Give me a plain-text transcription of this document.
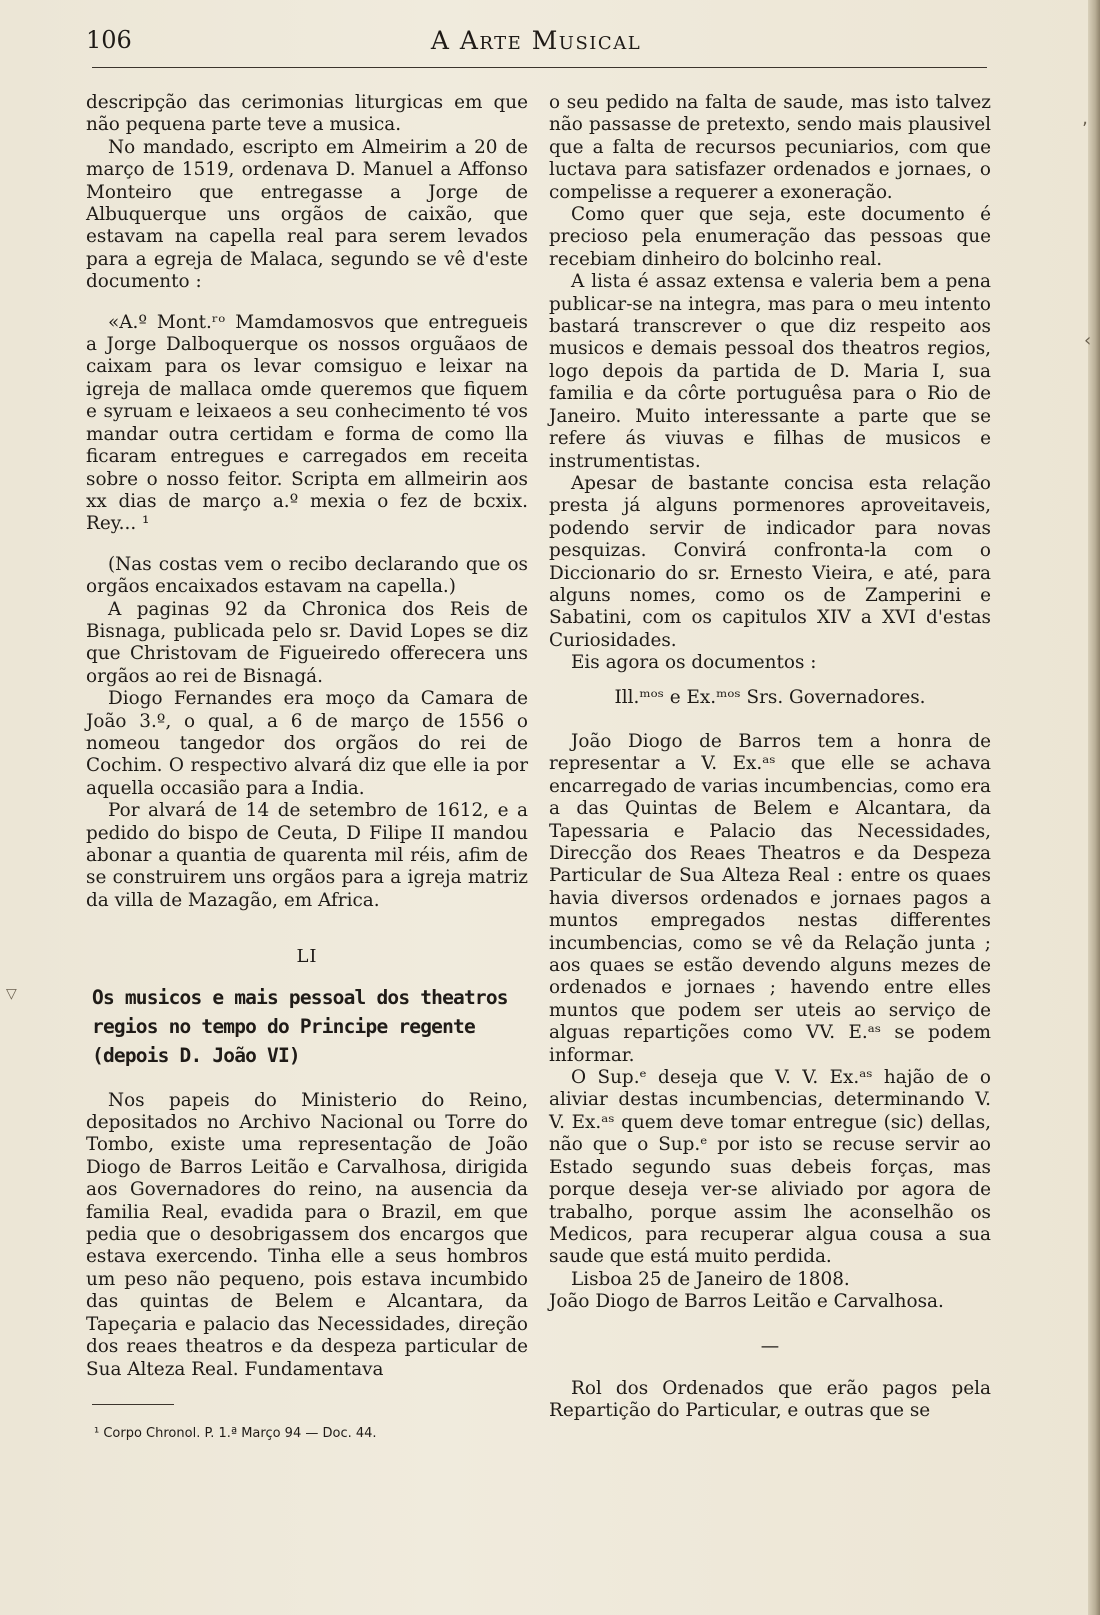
106	A Arte Musical

descripção das cerimonias liturgicas em que não pequena parte teve a musica.

No mandado, escripto em Almeirim a 20 de março de 1519, ordenava D. Manuel a Affonso Monteiro que entregasse a Jorge de Albuquerque uns orgãos de caixão, que estavam na capella real para serem levados para a egreja de Malaca, segundo se vê d'este documento :

«A.º Mont.ʳᵒ Mamdamosvos que entregueis a Jorge Dalboquerque os nossos orguãaos de caixam para os levar comsiguo e leixar na igreja de mallaca omde queremos que fiquem e syruam e leixaeos a seu conhecimento té vos mandar outra certidam e forma de como lla ficaram entregues e carregados em receita sobre o nosso feitor. Scripta em allmeirin aos xx dias de março a.º mexia o fez de bcxix. Rey... ¹

(Nas costas vem o recibo declarando que os orgãos encaixados estavam na capella.)

A paginas 92 da Chronica dos Reis de Bisnaga, publicada pelo sr. David Lopes se diz que Christovam de Figueiredo offerecera uns orgãos ao rei de Bisnagá.

Diogo Fernandes era moço da Camara de João 3.º, o qual, a 6 de março de 1556 o nomeou tangedor dos orgãos do rei de Cochim. O respectivo alvará diz que elle ia por aquella occasião para a India.

Por alvará de 14 de setembro de 1612, e a pedido do bispo de Ceuta, D Filipe II mandou abonar a quantia de quarenta mil réis, afim de se construirem uns orgãos para a igreja matriz da villa de Mazagão, em Africa.

LI
Os musicos e mais pessoal dos theatros regios no tempo do Principe regente (depois D. João VI)

Nos papeis do Ministerio do Reino, depositados no Archivo Nacional ou Torre do Tombo, existe uma representação de João Diogo de Barros Leitão e Carvalhosa, dirigida aos Governadores do reino, na ausencia da familia Real, evadida para o Brazil, em que pedia que o desobrigassem dos encargos que estava exercendo. Tinha elle a seus hombros um peso não pequeno, pois estava incumbido das quintas de Belem e Alcantara, da Tapeçaria e palacio das Necessidades, direção dos reaes theatros e da despeza particular de Sua Alteza Real. Fundamentava

¹ Corpo Chronol. P. 1.ª Março 94 — Doc. 44.

o seu pedido na falta de saude, mas isto talvez não passasse de pretexto, sendo mais plausivel que a falta de recursos pecuniarios, com que luctava para satisfazer ordenados e jornaes, o compelisse a requerer a exoneração.

Como quer que seja, este documento é precioso pela enumeração das pessoas que recebiam dinheiro do bolcinho real.

A lista é assaz extensa e valeria bem a pena publicar-se na integra, mas para o meu intento bastará transcrever o que diz respeito aos musicos e demais pessoal dos theatros regios, logo depois da partida de D. Maria I, sua familia e da côrte portuguêsa para o Rio de Janeiro. Muito interessante a parte que se refere ás viuvas e filhas de musicos e instrumentistas.

Apesar de bastante concisa esta relação presta já alguns pormenores aproveitaveis, podendo servir de indicador para novas pesquizas. Convirá confronta-la com o Diccionario do sr. Ernesto Vieira, e até, para alguns nomes, como os de Zamperini e Sabatini, com os capitulos XIV a XVI d'estas Curiosidades.

Eis agora os documentos :

Ill.ᵐᵒˢ e Ex.ᵐᵒˢ Srs. Governadores.

João Diogo de Barros tem a honra de representar a V. Ex.ᵃˢ que elle se achava encarregado de varias incumbencias, como era a das Quintas de Belem e Alcantara, da Tapessaria e Palacio das Necessidades, Direcção dos Reaes Theatros e da Despeza Particular de Sua Alteza Real : entre os quaes havia diversos ordenados e jornaes pagos a muntos empregados nestas differentes incumbencias, como se vê da Relação junta ; aos quaes se estão devendo alguns mezes de ordenados e jornaes ; havendo entre elles muntos que podem ser uteis ao serviço de alguas repartições como VV. E.ᵃˢ se podem informar.

O Sup.ᵉ deseja que V. V. Ex.ᵃˢ hajão de o aliviar destas incumbencias, determinando V. V. Ex.ᵃˢ quem deve tomar entregue (sic) dellas, não que o Sup.ᵉ por isto se recuse servir ao Estado segundo suas debeis forças, mas porque deseja ver-se aliviado por agora de trabalho, porque assim lhe aconselhão os Medicos, para recuperar algua cousa a sua saude que está muito perdida.

Lisboa 25 de Janeiro de 1808.

João Diogo de Barros Leitão e Carvalhosa.

—

Rol dos Ordenados que erão pagos pela Repartição do Particular, e outras que se

‚
‹
▽
